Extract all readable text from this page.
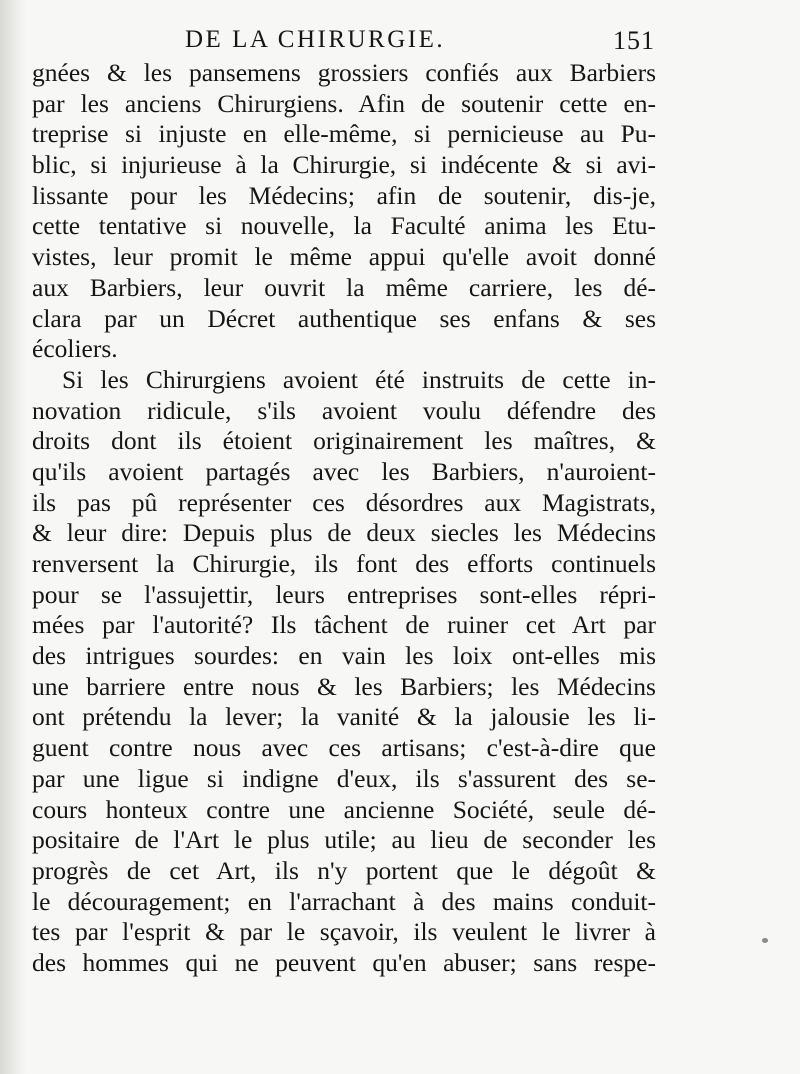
DE LA CHIRURGIE.	151
gnées & les pansemens grossiers confiés aux Barbiers
par les anciens Chirurgiens. Afin de soutenir cette en-
treprise si injuste en elle-même, si pernicieuse au Pu-
blic, si injurieuse à la Chirurgie, si indécente & si avi-
lissante pour les Médecins; afin de soutenir, dis-je,
cette tentative si nouvelle, la Faculté anima les Etu-
vistes, leur promit le même appui qu'elle avoit donné
aux Barbiers, leur ouvrit la même carriere, les dé-
clara par un Décret authentique ses enfans & ses
écoliers.
Si les Chirurgiens avoient été instruits de cette in-
novation ridicule, s'ils avoient voulu défendre des
droits dont ils étoient originairement les maîtres, &
qu'ils avoient partagés avec les Barbiers, n'auroient-
ils pas pû représenter ces désordres aux Magistrats,
& leur dire: Depuis plus de deux siecles les Médecins
renversent la Chirurgie, ils font des efforts continuels
pour se l'assujettir, leurs entreprises sont-elles répri-
mées par l'autorité? Ils tâchent de ruiner cet Art par
des intrigues sourdes: en vain les loix ont-elles mis
une barriere entre nous & les Barbiers; les Médecins
ont prétendu la lever; la vanité & la jalousie les li-
guent contre nous avec ces artisans; c'est-à-dire que
par une ligue si indigne d'eux, ils s'assurent des se-
cours honteux contre une ancienne Société, seule dé-
positaire de l'Art le plus utile; au lieu de seconder les
progrès de cet Art, ils n'y portent que le dégoût &
le découragement; en l'arrachant à des mains conduit-
tes par l'esprit & par le sçavoir, ils veulent le livrer à
des hommes qui ne peuvent qu'en abuser; sans respe-
